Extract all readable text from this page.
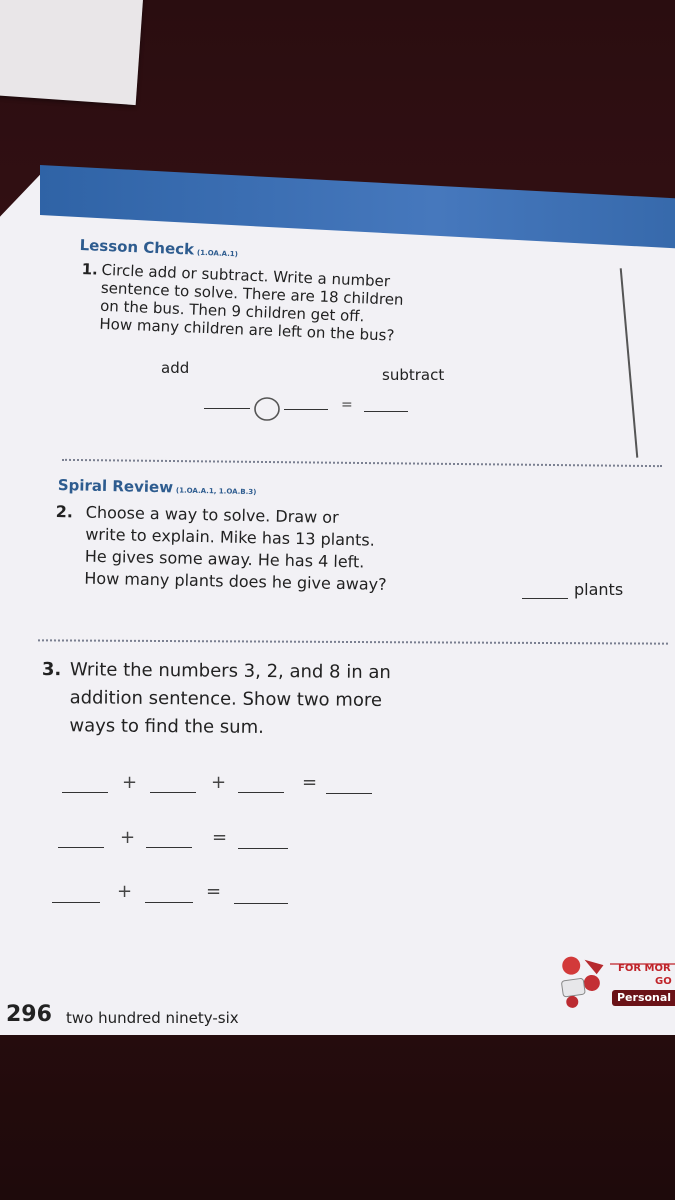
Lesson Check (1.OA.A.1)
1. Circle add or subtract. Write a number
sentence to solve. There are 18 children
on the bus. Then 9 children get off.
How many children are left on the bus?
add	subtract
=
Spiral Review (1.OA.A.1, 1.OA.B.3)
2. Choose a way to solve. Draw or
write to explain. Mike has 13 plants.
He gives some away. He has 4 left.
How many plants does he give away?	plants
3. Write the numbers 3, 2, and 8 in an
addition sentence. Show two more
ways to find the sum.
+	+	=
+	=
+	=
296 two hundred ninety-six
FOR MOR
GO
Personal
